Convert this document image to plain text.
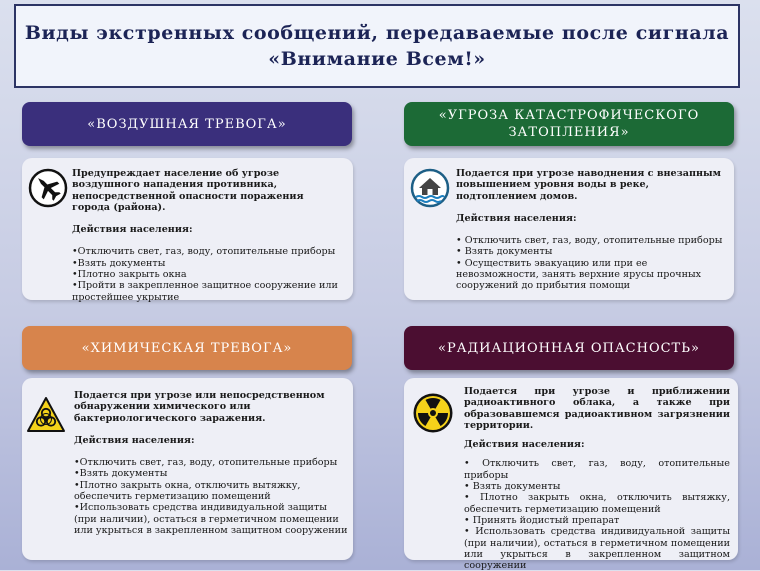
Виды экстренных сообщений, передаваемые после сигнала
«Внимание Всем!»
«ВОЗДУШНАЯ ТРЕВОГА»
Предупреждает население об угрозе воздушного нападения противника, непосредственной опасности поражения города (района).
Действия населения:
•Отключить свет, газ, воду, отопительные приборы
•Взять документы
•Плотно закрыть окна
•Пройти в закрепленное защитное сооружение или простейшее укрытие
«УГРОЗА КАТАСТРОФИЧЕСКОГО
ЗАТОПЛЕНИЯ»
Подается при угрозе наводнения с внезапным повышением уровня воды в реке, подтоплением домов.
Действия населения:
• Отключить свет, газ, воду, отопительные приборы
• Взять документы
• Осуществить эвакуацию или при ее невозможности, занять верхние ярусы прочных сооружений до прибытия помощи
«ХИМИЧЕСКАЯ ТРЕВОГА»
Подается при угрозе или непосредственном обнаружении химического или бактериологического заражения.
Действия населения:
•Отключить свет, газ, воду, отопительные приборы
•Взять документы
•Плотно закрыть окна, отключить вытяжку, обеспечить герметизацию помещений
•Использовать средства индивидуальной защиты (при наличии), остаться в герметичном помещении или укрыться в закрепленном защитном сооружении
«РАДИАЦИОННАЯ ОПАСНОСТЬ»
Подается при угрозе и приближении радиоактивного облака, а также при образовавшемся радиоактивном загрязнении территории.
Действия населения:
• Отключить свет, газ, воду, отопительные приборы
• Взять документы
• Плотно закрыть окна, отключить вытяжку, обеспечить герметизацию помещений
• Принять йодистый препарат
• Использовать средства индивидуальной защиты (при наличии), остаться в герметичном помещении или укрыться в закрепленном защитном сооружении
